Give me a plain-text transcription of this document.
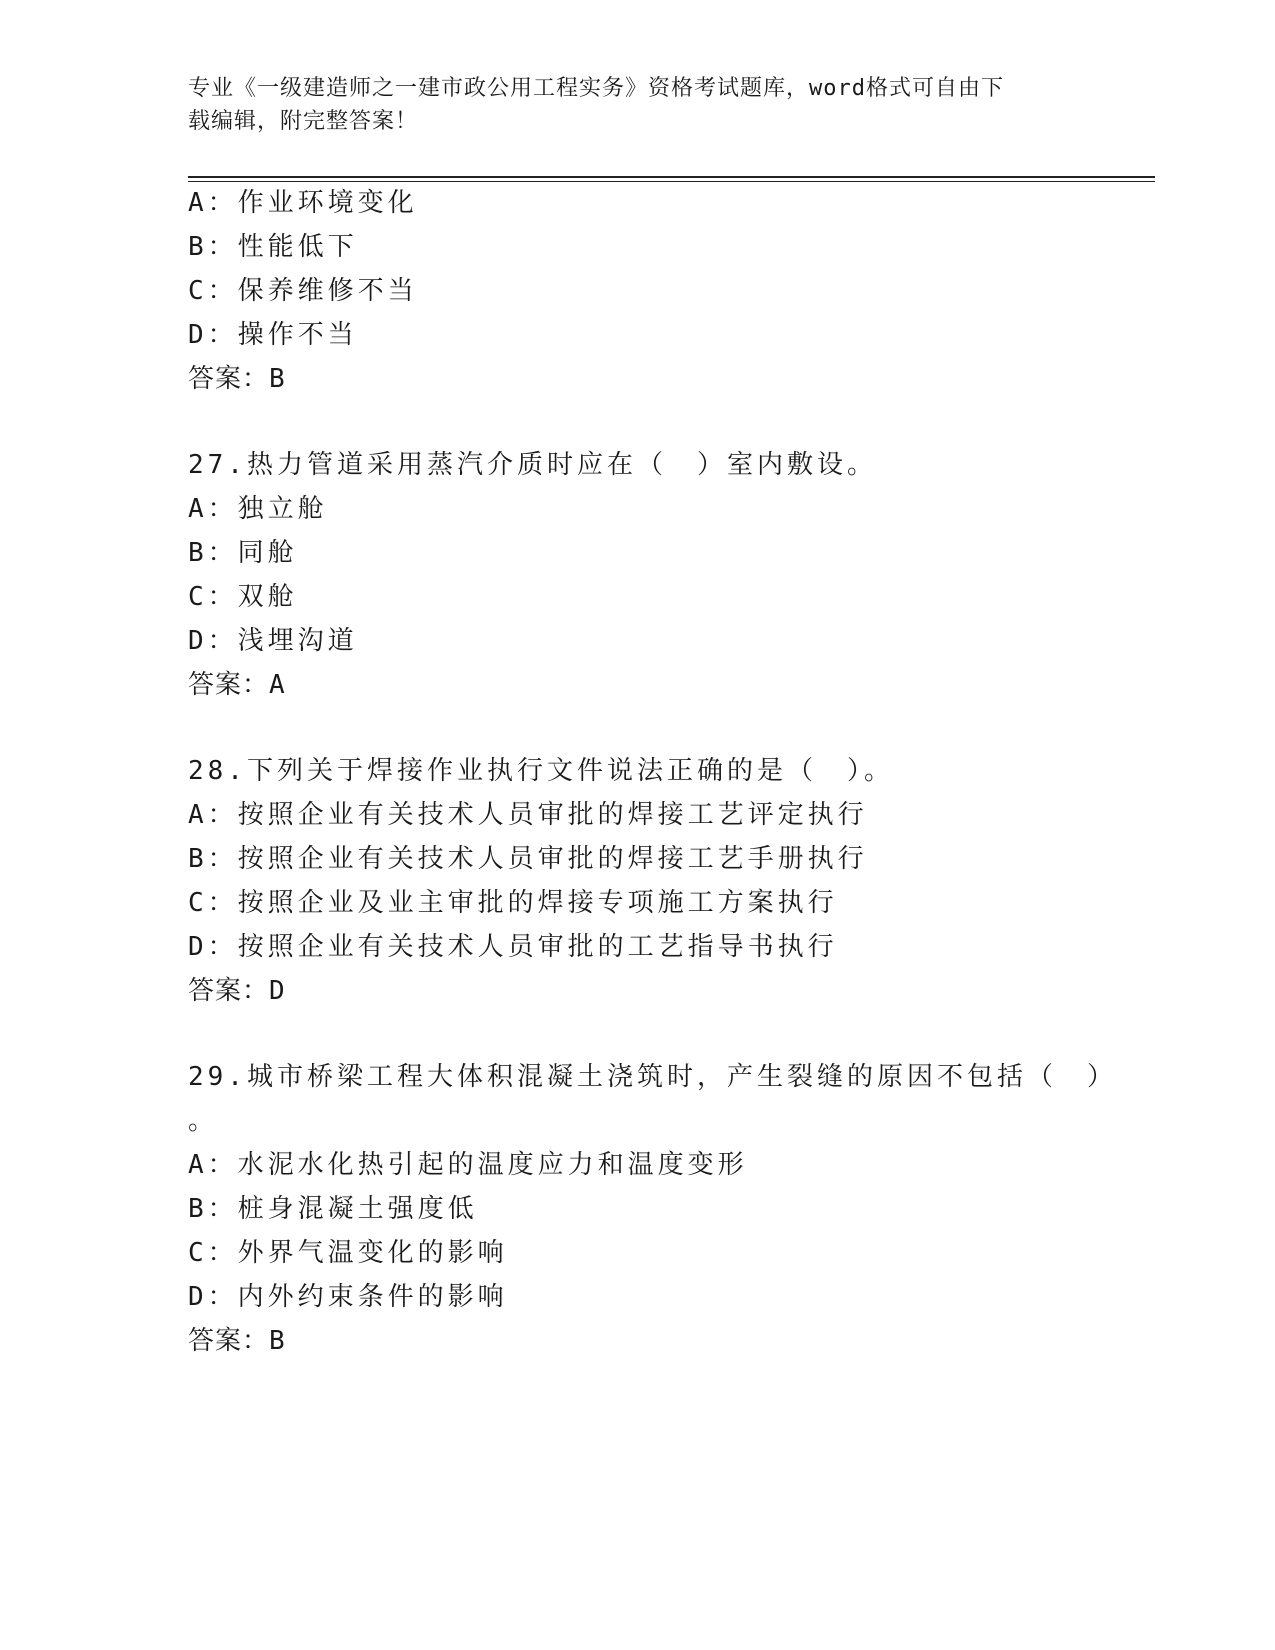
专业《一级建造师之一建市政公用工程实务》资格考试题库，word格式可自由下
载编辑，附完整答案！
A：作业环境变化
B：性能低下
C：保养维修不当
D：操作不当
答案：B
27.热力管道采用蒸汽介质时应在（　）室内敷设。
A：独立舱
B：同舱
C：双舱
D：浅埋沟道
答案：A
28.下列关于焊接作业执行文件说法正确的是（　）。
A：按照企业有关技术人员审批的焊接工艺评定执行
B：按照企业有关技术人员审批的焊接工艺手册执行
C：按照企业及业主审批的焊接专项施工方案执行
D：按照企业有关技术人员审批的工艺指导书执行
答案：D
29.城市桥梁工程大体积混凝土浇筑时，产生裂缝的原因不包括（　）
。
A：水泥水化热引起的温度应力和温度变形
B：桩身混凝土强度低
C：外界气温变化的影响
D：内外约束条件的影响
答案：B
